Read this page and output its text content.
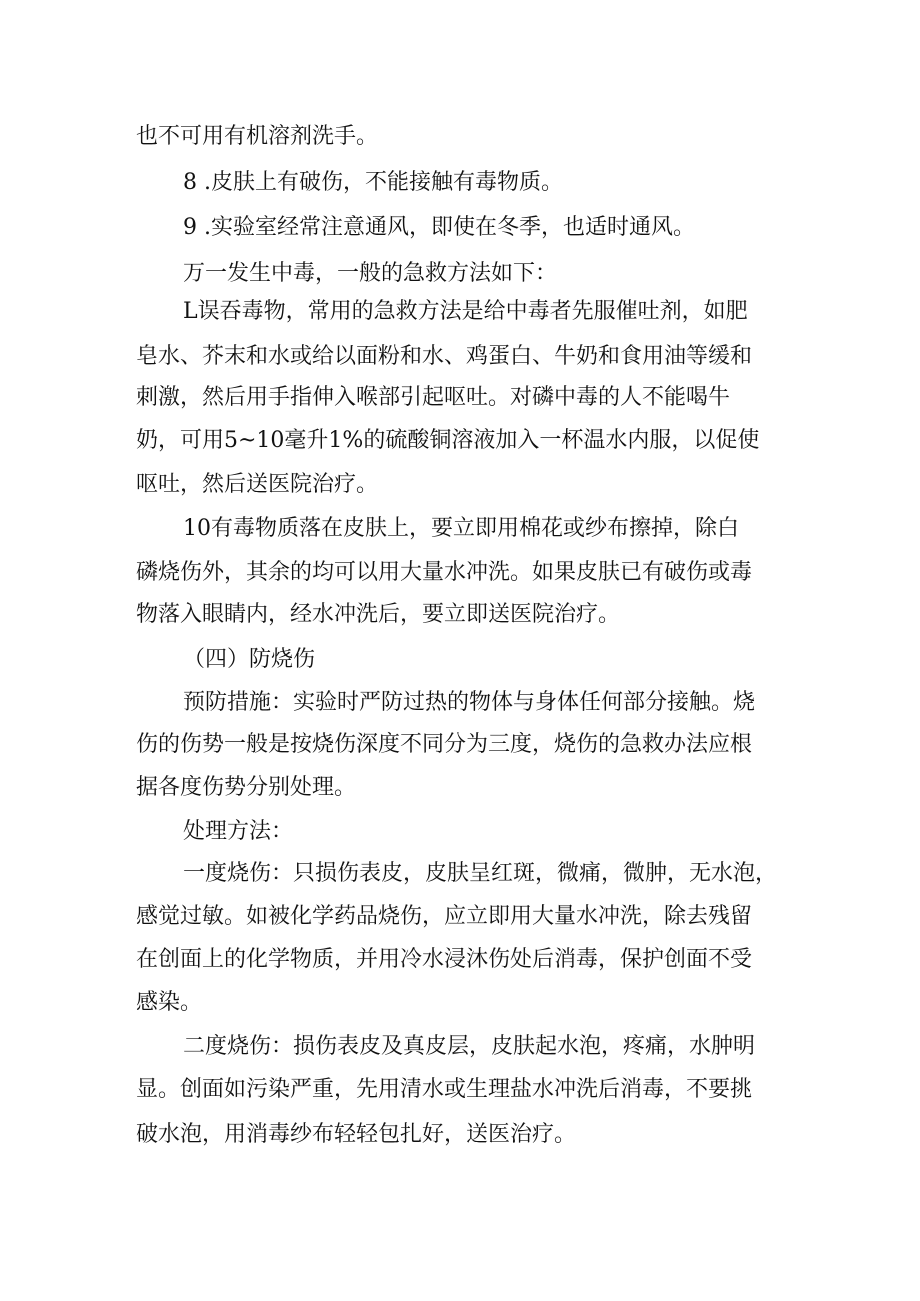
也不可用有机溶剂洗手。

8 .皮肤上有破伤，不能接触有毒物质。

9 .实验室经常注意通风，即使在冬季，也适时通风。

万一发生中毒，一般的急救方法如下：

L误吞毒物，常用的急救方法是给中毒者先服催吐剂，如肥

皂水、芥末和水或给以面粉和水、鸡蛋白、牛奶和食用油等缓和

刺激，然后用手指伸入喉部引起呕吐。对磷中毒的人不能喝牛

奶，可用5~10毫升1%的硫酸铜溶液加入一杯温水内服，以促使

呕吐，然后送医院治疗。

10有毒物质落在皮肤上，要立即用棉花或纱布擦掉，除白

磷烧伤外，其余的均可以用大量水冲洗。如果皮肤已有破伤或毒

物落入眼睛内，经水冲洗后，要立即送医院治疗。

（四）防烧伤

预防措施：实验时严防过热的物体与身体任何部分接触。烧

伤的伤势一般是按烧伤深度不同分为三度，烧伤的急救办法应根

据各度伤势分别处理。

处理方法：

一度烧伤：只损伤表皮，皮肤呈红斑，微痛，微肿，无水泡，

感觉过敏。如被化学药品烧伤，应立即用大量水冲洗，除去残留

在创面上的化学物质，并用冷水浸沐伤处后消毒，保护创面不受

感染。

二度烧伤：损伤表皮及真皮层，皮肤起水泡，疼痛，水肿明

显。创面如污染严重，先用清水或生理盐水冲洗后消毒，不要挑

破水泡，用消毒纱布轻轻包扎好，送医治疗。
